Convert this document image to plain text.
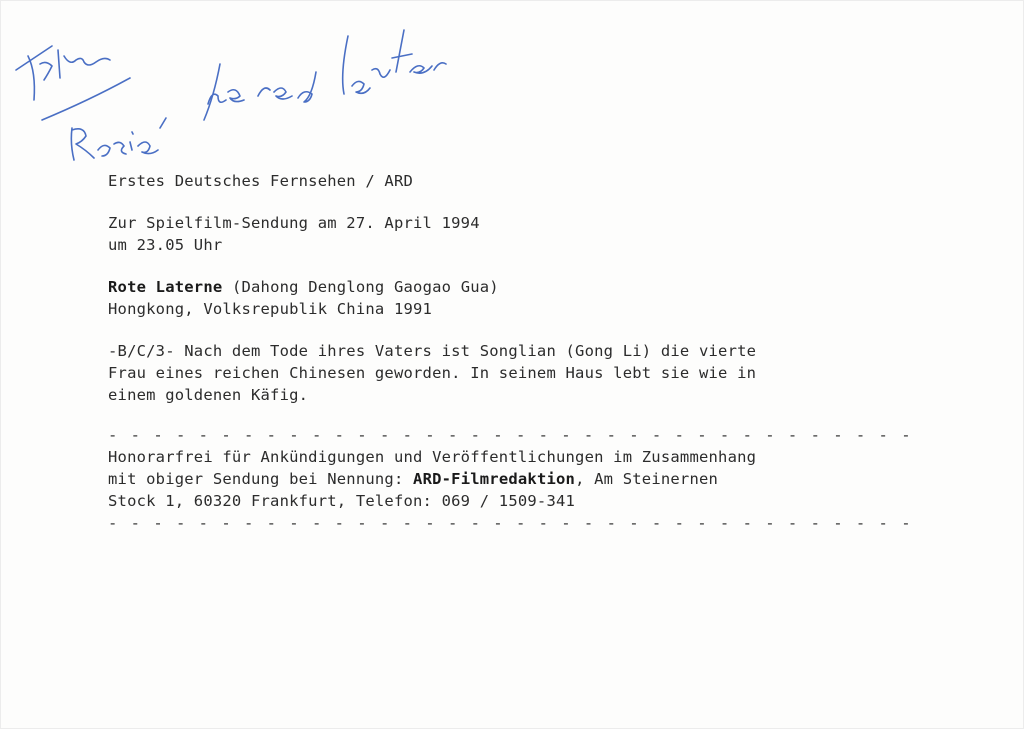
Erstes Deutsches Fernsehen / ARD

Zur Spielfilm-Sendung am 27. April 1994

um 23.05 Uhr

Rote Laterne (Dahong Denglong Gaogao Gua)

Hongkong, Volksrepublik China 1991

-B/C/3- Nach dem Tode ihres Vaters ist Songlian (Gong Li) die vierte

Frau eines reichen Chinesen geworden. In seinem Haus lebt sie wie in

einem goldenen Käfig.

- - - - - - - - - - - - - - - - - - - - - - - - - - - - - - - - - - - -

Honorarfrei für Ankündigungen und Veröffentlichungen im Zusammenhang

mit obiger Sendung bei Nennung: ARD-Filmredaktion, Am Steinernen

Stock 1, 60320 Frankfurt, Telefon: 069 / 1509-341

- - - - - - - - - - - - - - - - - - - - - - - - - - - - - - - - - - - -
